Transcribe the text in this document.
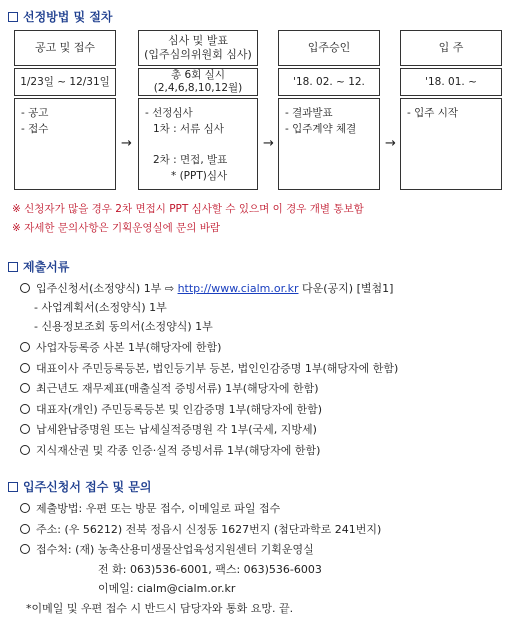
선정방법 및 절차
공고 및 접수
1/23일 ~ 12/31일
- 공고
- 접수
→
심사 및 발표
(입주심의위원회 심사)
총 6회 실시
(2,4,6,8,10,12월)
- 선정심사
1차 : 서류 심사
2차 : 면접, 발표
* (PPT)심사
→
입주승인
'18. 02. ~ 12.
- 결과발표
- 입주계약 체결
→
입 주
'18. 01. ~
- 입주 시작
※ 신청자가 많을 경우 2차 면접시 PPT 심사할 수 있으며 이 경우 개별 통보함
※ 자세한 문의사항은 기획운영실에 문의 바람
제출서류
입주신청서(소정양식) 1부 ⇨ http://www.cialm.or.kr 다운(공지) [별첨1]
- 사업계획서(소정양식) 1부
- 신용정보조회 동의서(소정양식) 1부
사업자등록증 사본 1부(해당자에 한함)
대표이사 주민등록등본, 법인등기부 등본, 법인인감증명 1부(해당자에 한함)
최근년도 재무제표(매출실적 증빙서류) 1부(해당자에 한함)
대표자(개인) 주민등록등본 및 인감증명 1부(해당자에 한함)
납세완납증명원 또는 납세실적증명원 각 1부(국세, 지방세)
지식재산권 및 각종 인증·실적 증빙서류 1부(해당자에 한함)
입주신청서 접수 및 문의
제출방법: 우편 또는 방문 접수, 이메일로 파일 접수
주소: (우 56212) 전북 정읍시 신정동 1627번지 (첨단과학로 241번지)
접수처: (재) 농축산용미생물산업육성지원센터 기획운영실
전 화: 063)536-6001, 팩스: 063)536-6003
이메일: cialm@cialm.or.kr
*이메일 및 우편 접수 시 반드시 담당자와 통화 요망. 끝.
